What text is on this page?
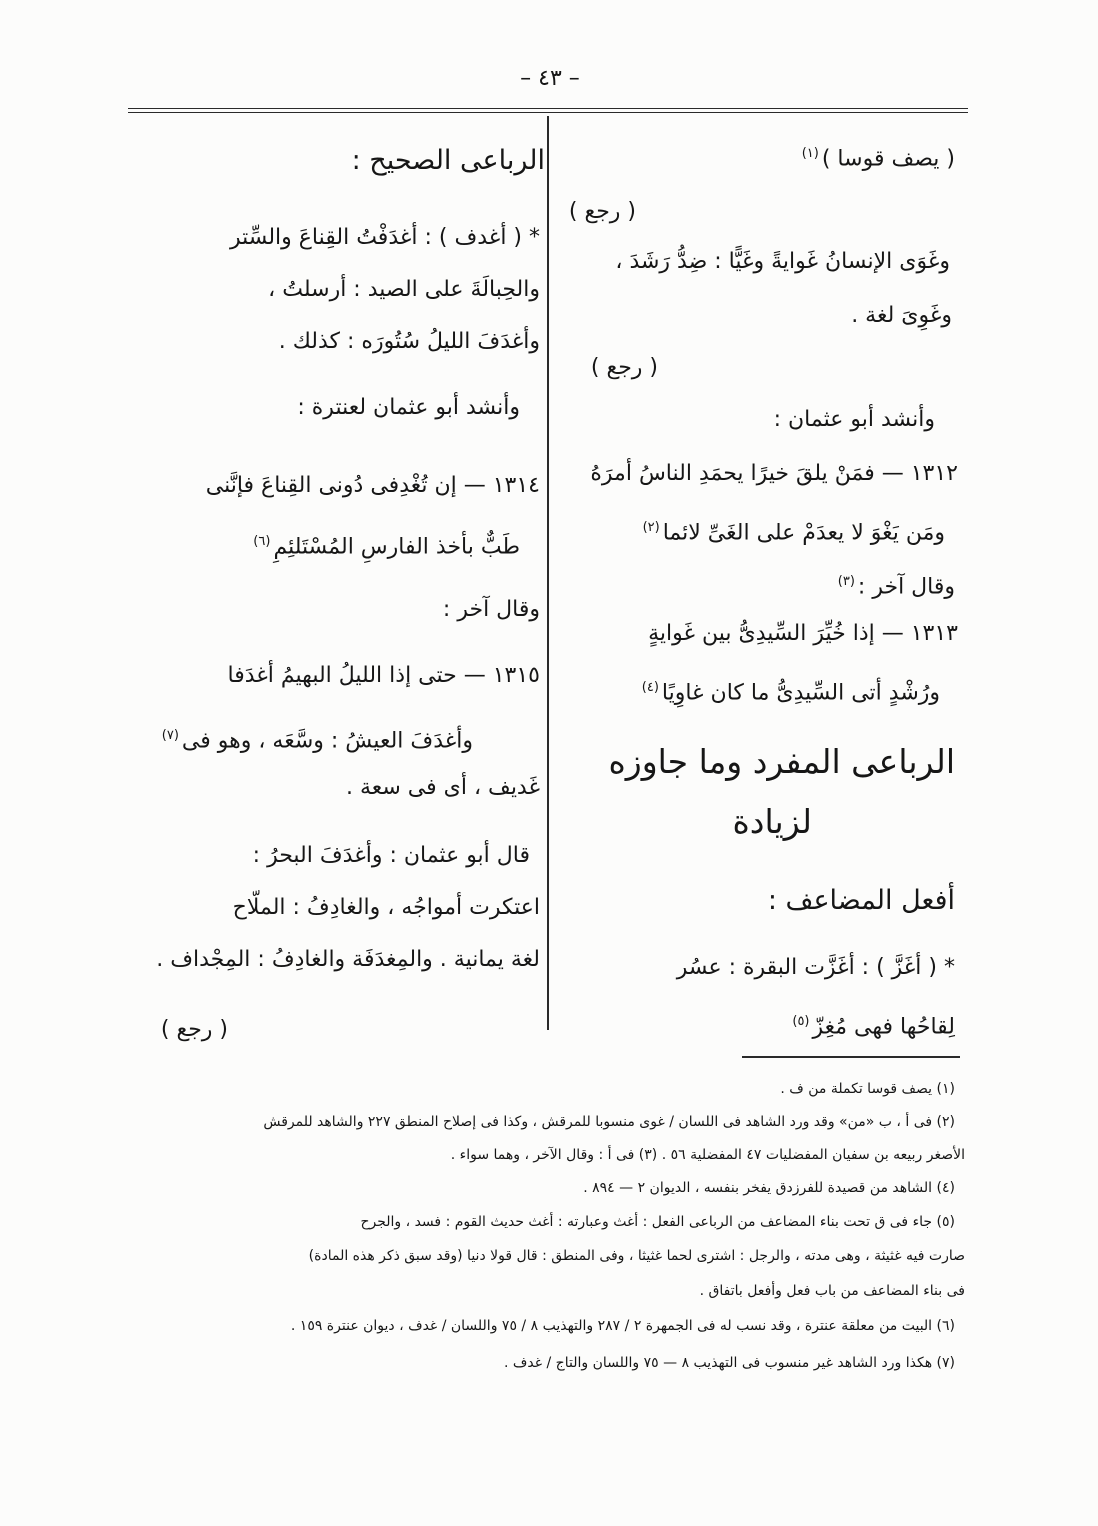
– ٤٣ –
( يصف قوسا )$^{(١)}$
( رجع )
وغَوَى الإنسانُ غَوايةً وغَيًّا : ضِدُّ رَشَدَ ،
وغَوِىَ لغة .
( رجع )
وأنشد أبو عثمان :
١٣١٢ — فمَنْ يلقَ خيرًا يحمَدِ الناسُ أمرَهُ
ومَن يَغْوَ لا يعدَمْ على الغَىِّ لائما$^{(٢)}$
وقال آخر :$^{(٣)}$
١٣١٣ — إذا خُيِّرَ السِّيدِىُّ بين غَوايةٍ
ورُشْدٍ أتى السِّيدِىُّ ما كان غاوِيًا$^{(٤)}$
الرباعى المفرد وما جاوزه
لزيادة
أفعل المضاعف :
* ( أغَزَّ ) : أغَزَّت البقرة : عسُر
لِقاحُها فهى مُغِزّ$^{(٥)}$
الرباعى الصحيح :
* ( أغدف ) : أغدَفْتُ القِناعَ والسِّتر
والحِبالَةَ على الصيد : أرسلتُ ،
وأغدَفَ الليلُ سُتُورَه : كذلك .
وأنشد أبو عثمان لعنترة :
١٣١٤ — إن تُغْدِفى دُونى القِناعَ فإنَّنى
طَبٌّ بأخذ الفارسِ المُسْتَلئِمِ$^{(٦)}$
وقال آخر :
١٣١٥ — حتى إذا الليلُ البهيمُ أغدَفا
وأغدَفَ العيشُ : وسَّعَه ، وهو فى$^{(٧)}$
غَديف ، أى فى سعة .
قال أبو عثمان : وأغدَفَ البحرُ :
اعتكرت أمواجُه ، والغادِفُ : الملّاح
لغة يمانية . والمِغدَفَة والغادِفُ : المِجْداف .
( رجع )
(١) يصف قوسا تكملة من ف .
(٢) فى أ ، ب «من» وقد ورد الشاهد فى اللسان / غوى منسوبا للمرقش ، وكذا فى إصلاح المنطق ٢٢٧ والشاهد للمرقش
الأصغر ربيعه بن سفيان المفضليات ٤٧ المفضلية ٥٦ . (٣) فى أ : وقال الآخر ، وهما سواء .
(٤) الشاهد من قصيدة للفرزدق يفخر بنفسه ، الديوان ٢ — ٨٩٤ .
(٥) جاء فى ق تحت بناء المضاعف من الرباعى الفعل : أغث وعبارته : أغث حديث القوم : فسد ، والجرح
صارت فيه غثيثة ، وهى مدته ، والرجل : اشترى لحما غثيثا ، وفى المنطق : قال قولا دنيا (وقد سبق ذكر هذه المادة)
فى بناء المضاعف من باب فعل وأفعل باتفاق .
(٦) البيت من معلقة عنترة ، وقد نسب له فى الجمهرة ٢ / ٢٨٧ والتهذيب ٨ / ٧٥ واللسان / غدف ، ديوان عنترة ١٥٩ .
(٧) هكذا ورد الشاهد غير منسوب فى التهذيب ٨ — ٧٥ واللسان والتاج / غدف .
